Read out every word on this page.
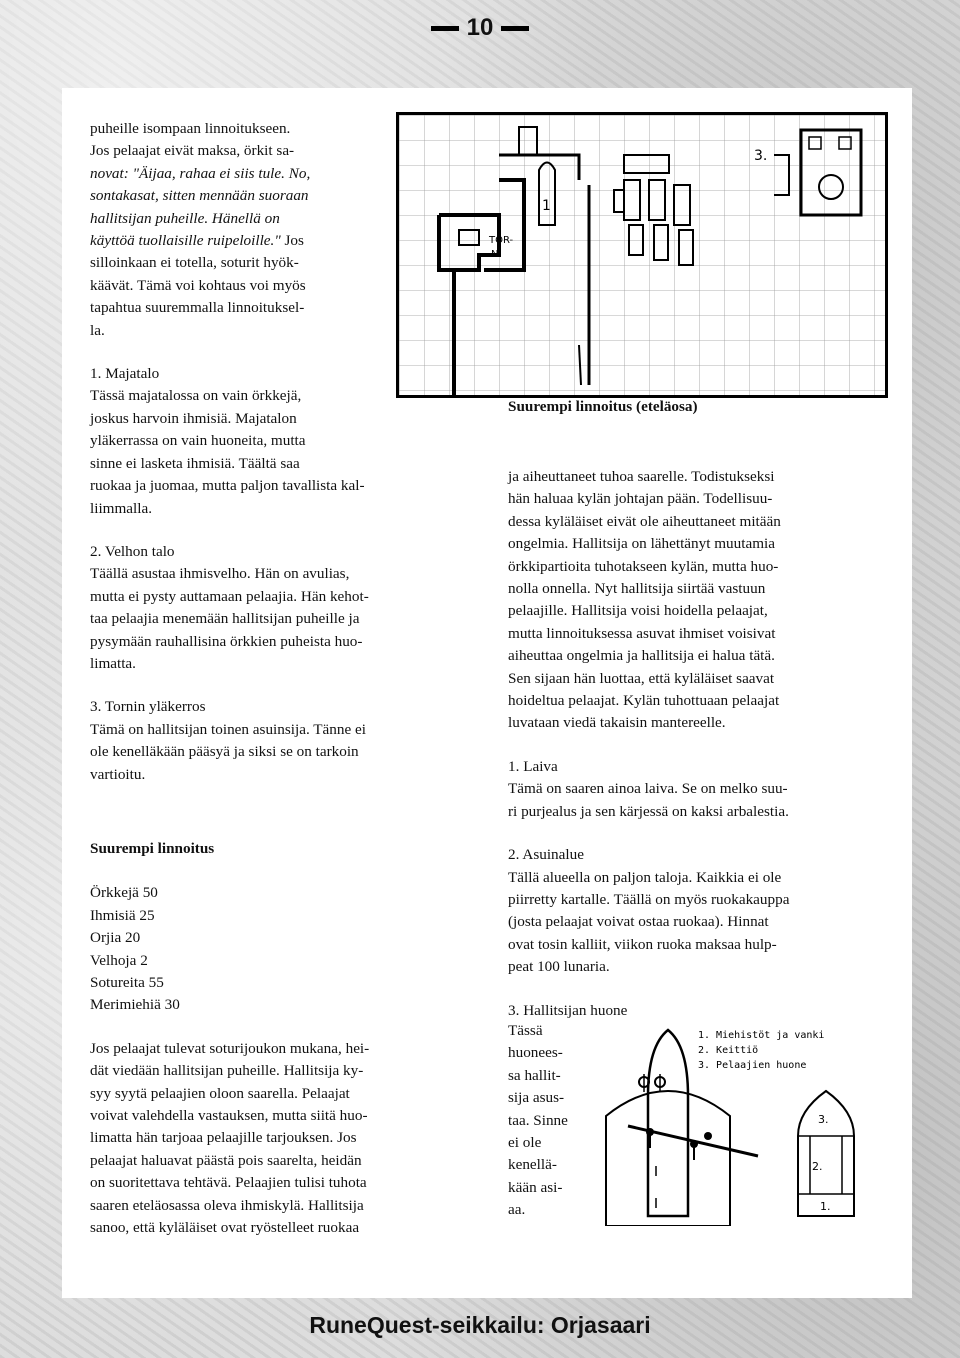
10

puheille isompaan linnoitukseen.

Jos pelaajat eivät maksa, örkit sa-

novat: "Äijaa, rahaa ei siis tule. No,

sontakasat, sitten mennään suoraan

hallitsijan puheille. Hänellä on

käyttöä tuollaisille ruipeloille." Jos

silloinkaan ei totella, soturit hyök-

käävät. Tämä voi kohtaus voi myös

tapahtua suuremmalla linnoituksel-

la.

1. Majatalo

Tässä majatalossa on vain örkkejä,

joskus harvoin ihmisiä. Majatalon

yläkerrassa on vain huoneita, mutta

sinne ei lasketa ihmisiä. Täältä saa

ruokaa ja juomaa, mutta paljon tavallista kal-

liimmalla.

2. Velhon talo

Täällä asustaa ihmisvelho. Hän on avulias,

mutta ei pysty auttamaan pelaajia. Hän kehot-

taa pelaajia menemään hallitsijan puheille ja

pysymään rauhallisina örkkien puheista huo-

limatta.

3. Tornin yläkerros

Tämä on hallitsijan toinen asuinsija. Tänne ei

ole kenelläkään pääsyä ja siksi se on tarkoin

vartioitu.

Suurempi linnoitus

Örkkejä 50

Ihmisiä 25

Orjia 20

Velhoja 2

Sotureita 55

Merimiehiä 30

Jos pelaajat tulevat soturijoukon mukana, hei-

dät viedään hallitsijan puheille. Hallitsija ky-

syy syytä pelaajien oloon saarella. Pelaajat

voivat valehdella vastauksen, mutta siitä huo-

limatta hän tarjoaa pelaajille tarjouksen. Jos

pelaajat haluavat päästä pois saarelta, heidän

on suoritettava tehtävä. Pelaajien tulisi tuhota

saaren eteläosassa oleva ihmiskylä. Hallitsija

sanoo, että kyläläiset ovat ryöstelleet ruokaa

TOR-
NI
1
3.
Suurempi linnoitus (eteläosa)

ja aiheuttaneet tuhoa saarelle. Todistukseksi

hän haluaa kylän johtajan pään. Todellisuu-

dessa kyläläiset eivät ole aiheuttaneet mitään

ongelmia. Hallitsija on lähettänyt muutamia

örkkipartioita tuhotakseen kylän, mutta huo-

nolla onnella. Nyt hallitsija siirtää vastuun

pelaajille. Hallitsija voisi hoidella pelaajat,

mutta linnoituksessa asuvat ihmiset voisivat

aiheuttaa ongelmia ja hallitsija ei halua tätä.

Sen sijaan hän luottaa, että kyläläiset saavat

hoideltua pelaajat. Kylän tuhottuaan pelaajat

luvataan viedä takaisin mantereelle.

1. Laiva

Tämä on saaren ainoa laiva. Se on melko suu-

ri purjealus ja sen kärjessä on kaksi arbalestia.

2. Asuinalue

Tällä alueella on paljon taloja. Kaikkia ei ole

piirretty kartalle. Täällä on myös ruokakauppa

(josta pelaajat voivat ostaa ruokaa). Hinnat

ovat tosin kalliit, viikon ruoka maksaa hulp-

peat 100 lunaria.

3. Hallitsijan huone

Tässä

huonees-

sa hallit-

sija asus-

taa. Sinne

ei ole

kenellä-

kään asi-

aa.

1. Miehistöt ja vanki
2. Keittiö
3. Pelaajien huone
3.
2.
1.
RuneQuest-seikkailu: Orjasaari
